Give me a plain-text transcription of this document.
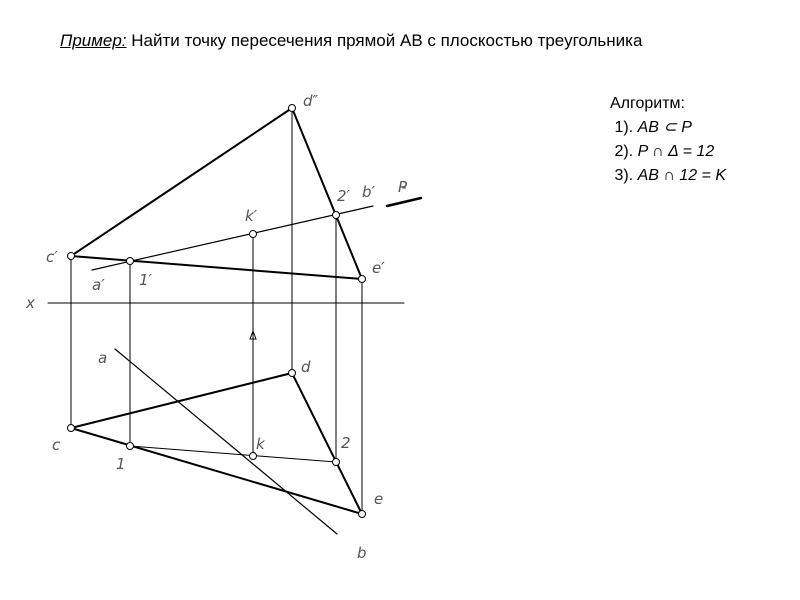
Пример: Найти точку пересечения прямой АВ с плоскостью треугольника
Алгоритм:
1). AB ⊂ P
2). P ∩ Δ = 12
3). AB ∩ 12 = K
x
d″
2′ b′ P̵
k′
c′
e′
a′ 1′
a	d
c	k	2
1
e
b
